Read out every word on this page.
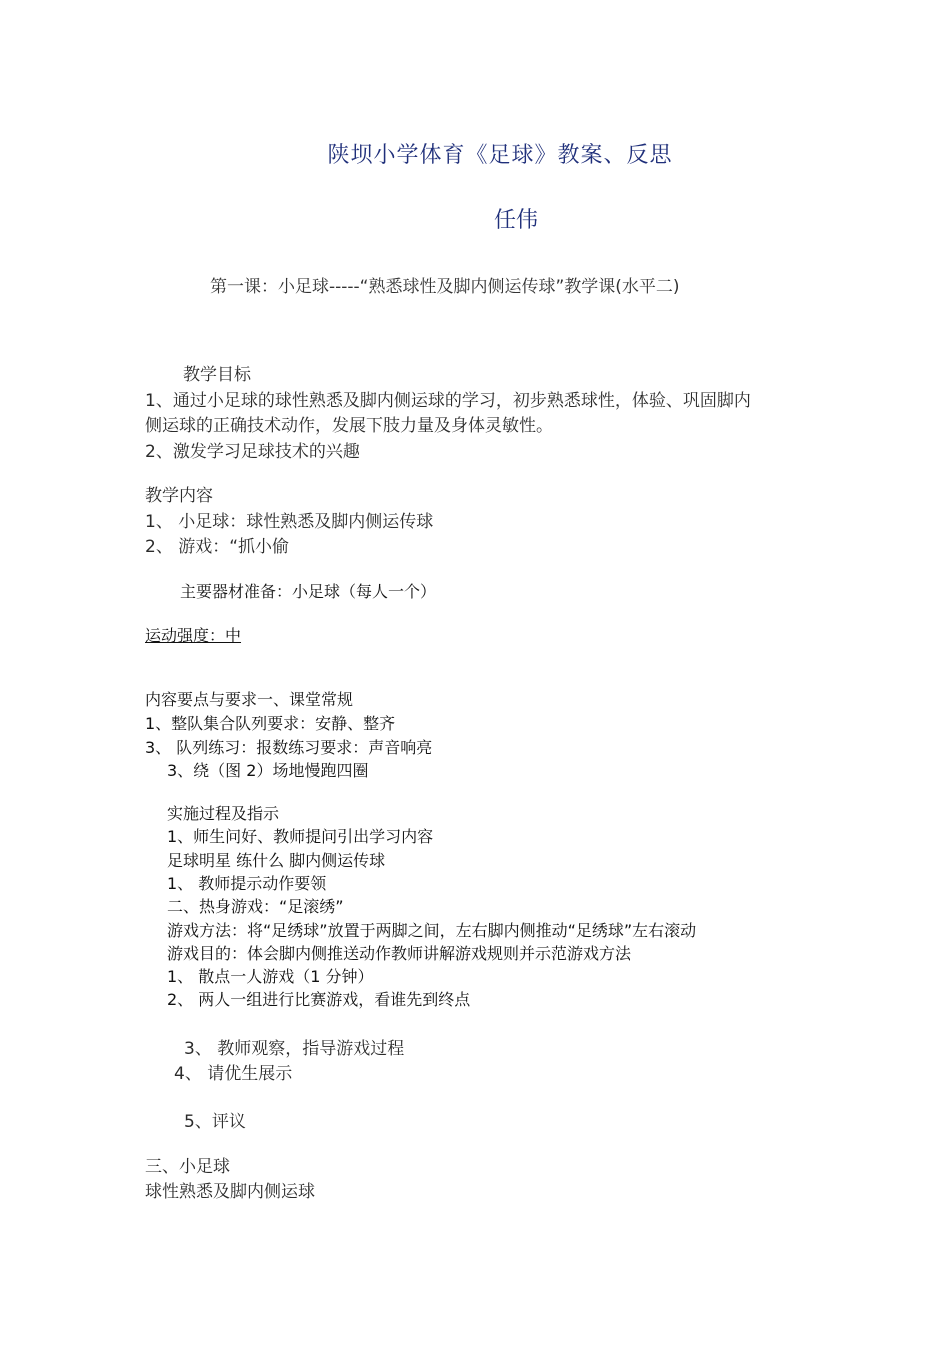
陕坝小学体育《足球》教案、反思
任伟
第一课：小足球-----“熟悉球性及脚内侧运传球”教学课(水平二)
教学目标
1、通过小足球的球性熟悉及脚内侧运球的学习，初步熟悉球性，体验、巩固脚内
侧运球的正确技术动作，发展下肢力量及身体灵敏性。
2、激发学习足球技术的兴趣
教学内容
1、 小足球：球性熟悉及脚内侧运传球
2、 游戏：“抓小偷
主要器材准备：小足球（每人一个）
运动强度：中
内容要点与要求一、课堂常规
1、整队集合队列要求：安静、整齐
3、 队列练习：报数练习要求：声音响亮
3、绕（图 2）场地慢跑四圈
实施过程及指示
1、师生问好、教师提问引出学习内容
足球明星 练什么 脚内侧运传球
1、 教师提示动作要领
二、热身游戏：“足滚绣”
游戏方法：将“足绣球”放置于两脚之间，左右脚内侧推动“足绣球”左右滚动
游戏目的：体会脚内侧推送动作教师讲解游戏规则并示范游戏方法
1、 散点一人游戏（1 分钟）
2、 两人一组进行比赛游戏，看谁先到终点
3、 教师观察，指导游戏过程
4、 请优生展示
5、评议
三、小足球
球性熟悉及脚内侧运球
